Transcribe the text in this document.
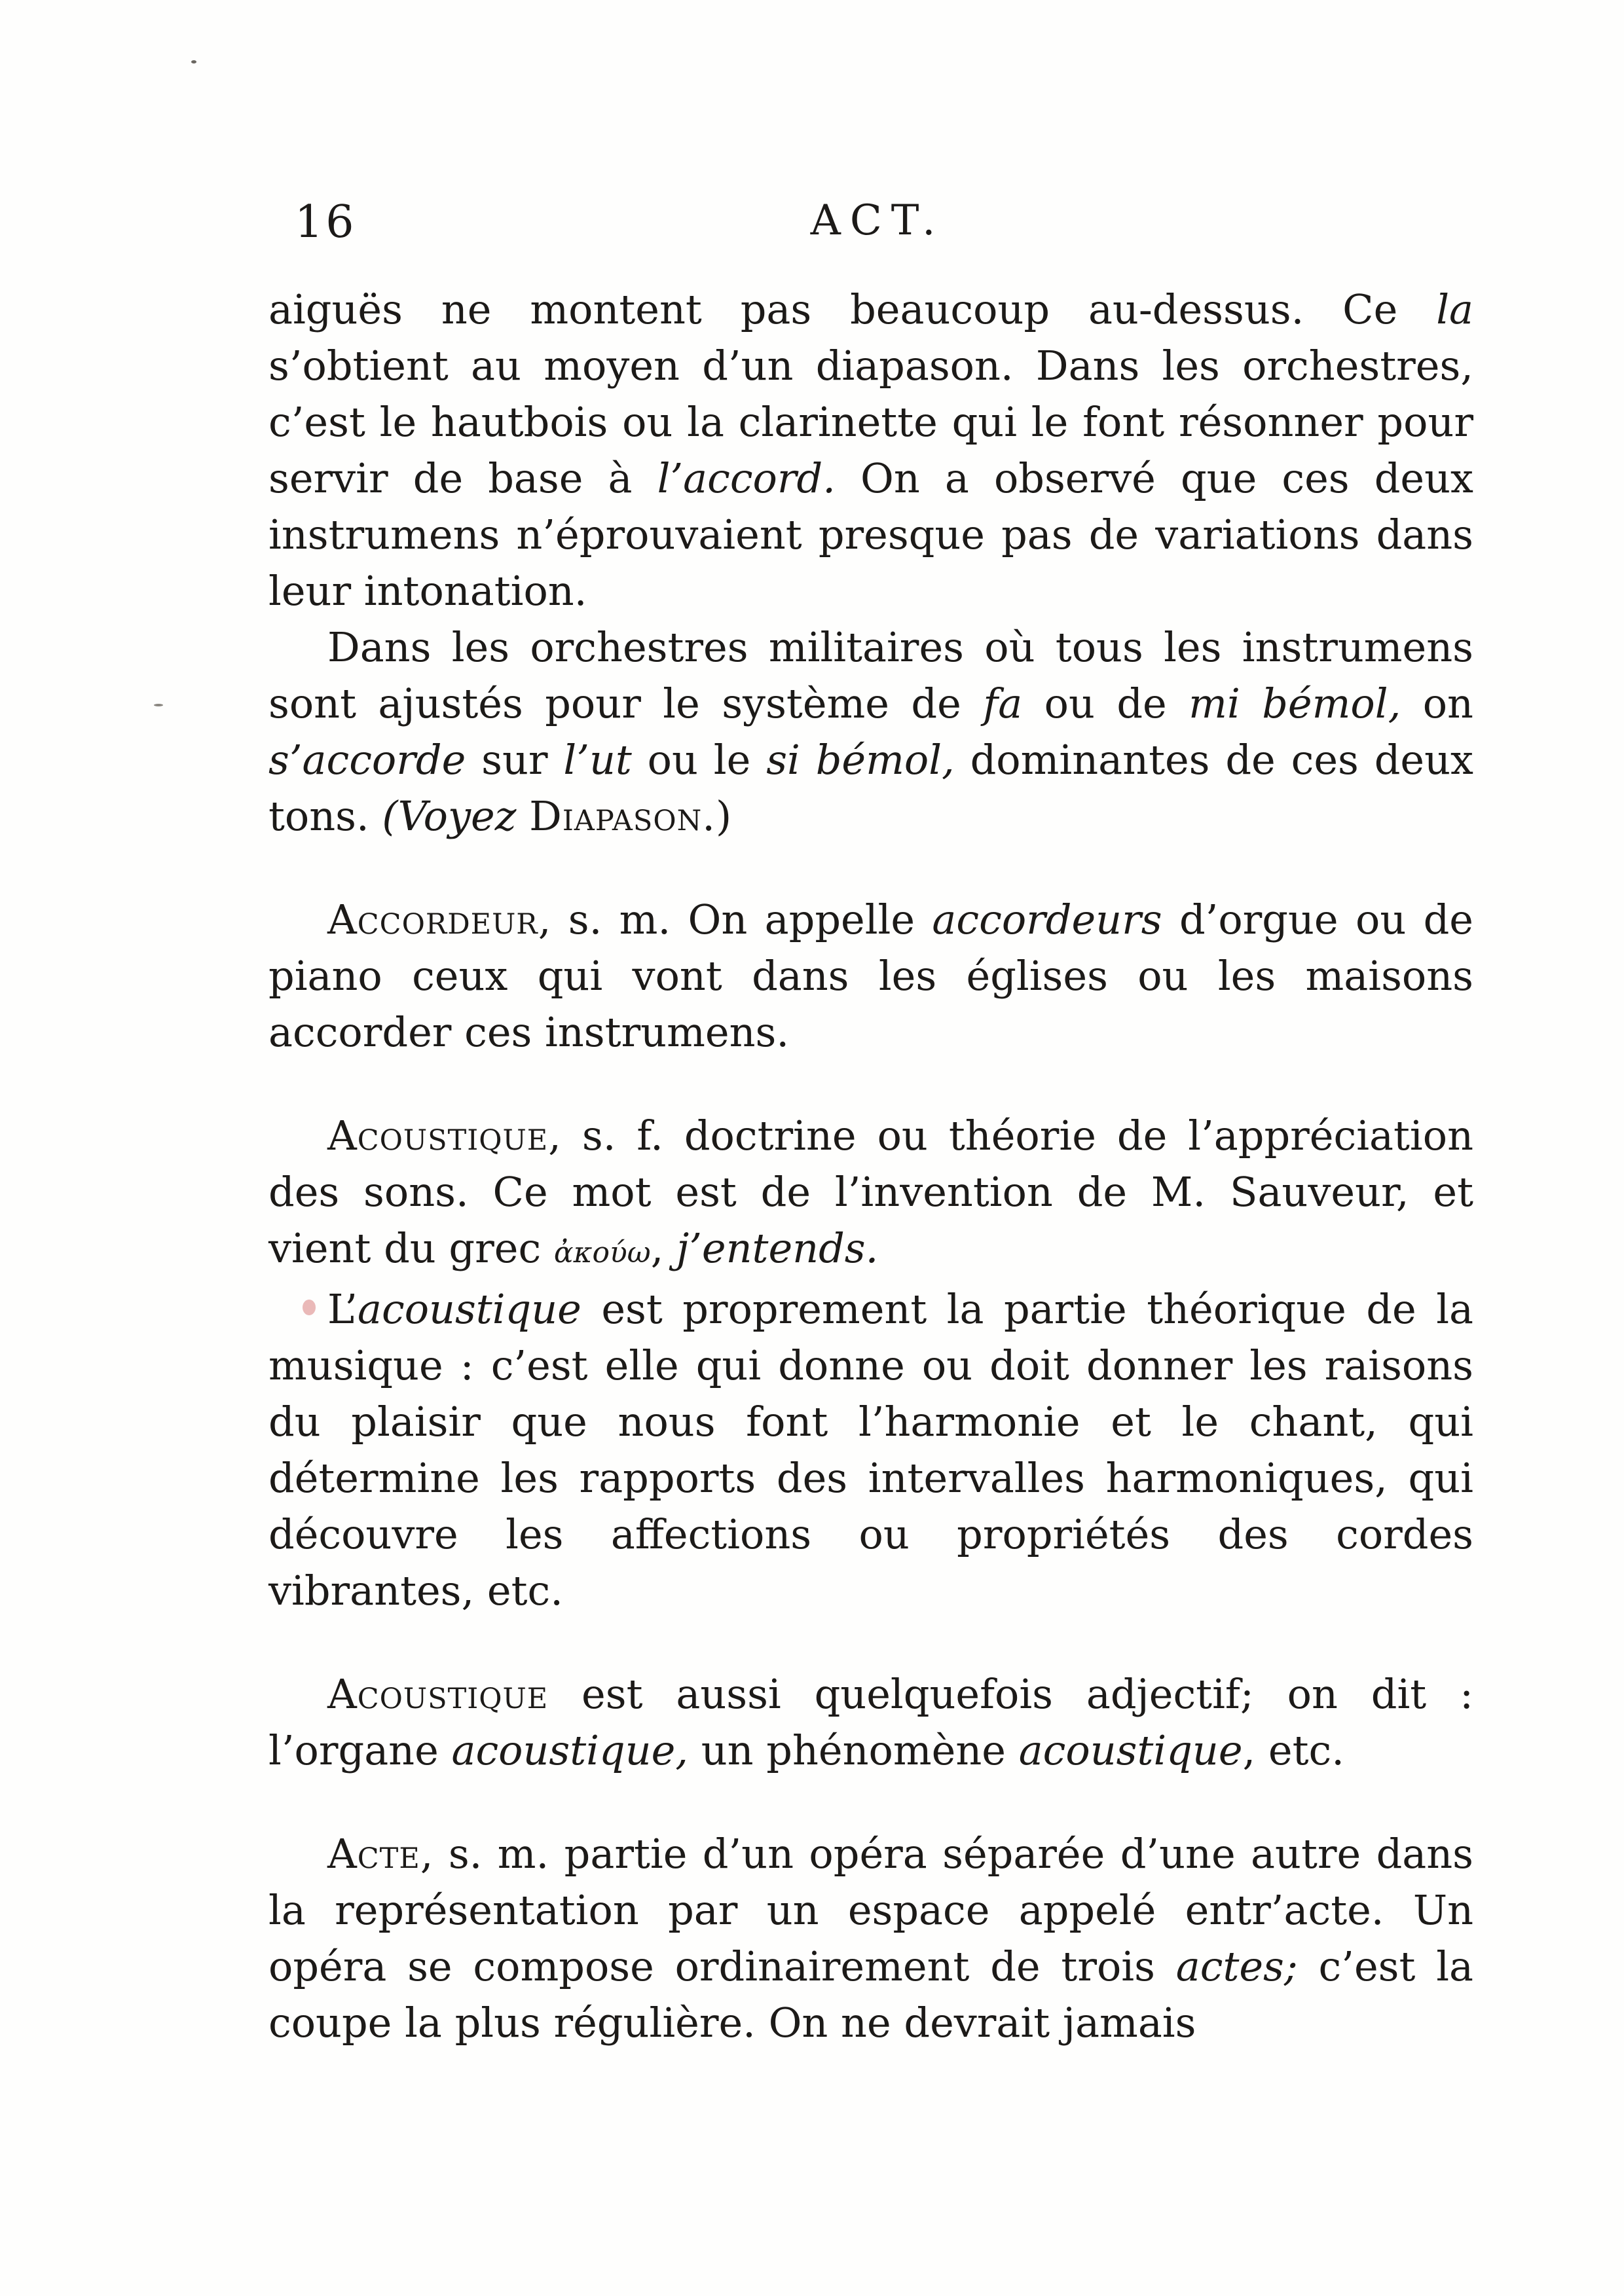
16	ACT.

aiguës ne montent pas beaucoup au-dessus. Ce la s’obtient au moyen d’un diapason. Dans les orchestres, c’est le hautbois ou la clarinette qui le font résonner pour servir de base à l’accord. On a observé que ces deux instrumens n’éprouvaient presque pas de variations dans leur intonation.

Dans les orchestres militaires où tous les instrumens sont ajustés pour le système de fa ou de mi bémol, on s’accorde sur l’ut ou le si bémol, dominantes de ces deux tons. (Voyez Diapason.)

Accordeur, s. m. On appelle accordeurs d’orgue ou de piano ceux qui vont dans les églises ou les maisons accorder ces instrumens.

Acoustique, s. f. doctrine ou théorie de l’appréciation des sons. Ce mot est de l’invention de M. Sauveur, et vient du grec ἀκούω, j’entends.

L’acoustique est proprement la partie théorique de la musique : c’est elle qui donne ou doit donner les raisons du plaisir que nous font l’harmonie et le chant, qui détermine les rapports des intervalles harmoniques, qui découvre les affections ou propriétés des cordes vibrantes, etc.

Acoustique est aussi quelquefois adjectif; on dit : l’organe acoustique, un phénomène acoustique, etc.

Acte, s. m. partie d’un opéra séparée d’une autre dans la représentation par un espace appelé entr’acte. Un opéra se compose ordinairement de trois actes; c’est la coupe la plus régulière. On ne devrait jamais
